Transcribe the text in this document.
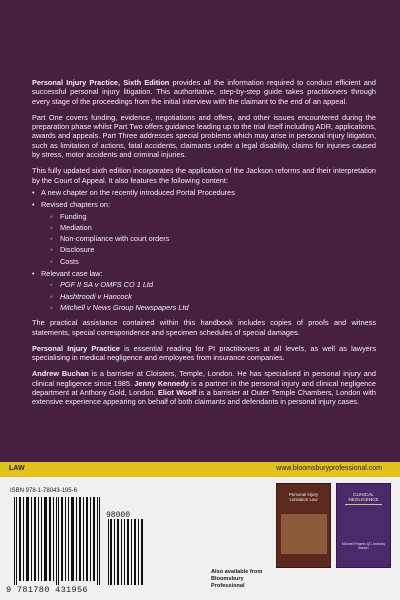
Personal Injury Practice, Sixth Edition provides all the information required to conduct efficient and successful personal injury litigation. This authoritative, step-by-step guide takes practitioners through every stage of the proceedings from the initial interview with the claimant to the end of an appeal.

Part One covers funding, evidence, negotiations and offers, and other issues encountered during the preparation phase whilst Part Two offers guidance leading up to the trial itself including ADR, applications, awards and appeals. Part Three addresses special problems which may arise in personal injury litigation, such as limitation of actions, fatal accidents, claimants under a legal disability, claims for injuries caused by stress, motor accidents and criminal injuries.

This fully updated sixth edition incorporates the application of the Jackson reforms and their interpretation by the Court of Appeal. It also features the following content:

• A new chapter on the recently introduced Portal Procedures
• Revised chapters on:
◦ Funding
◦ Mediation
◦ Non-compliance with court orders
◦ Disclosure
◦ Costs
• Relevant case law:
◦ PGF II SA v OMFS CO 1 Ltd
◦ Hashtroodi v Hancock
◦ Mitchell v News Group Newspapers Ltd

The practical assistance contained within this handbook includes copies of proofs and witness statements, special correspondence and specimen schedules of special damages.

Personal Injury Practice is essential reading for PI practitioners at all levels, as well as lawyers specialising in medical negligence and employees from insurance companies.

Andrew Buchan is a barrister at Cloisters, Temple, London. He has specialised in personal injury and clinical negligence since 1985. Jenny Kennedy is a partner in the personal injury and clinical negligence department at Anthony Gold, London. Eliot Woolf is a barrister at Outer Temple Chambers, London with extensive experience appearing on behalf of both claimants and defendants in personal injury cases.

LAW	www.bloomsburyprofessional.com
ISBN 978-1-78043-195-6
98000
9 781780 431956
Also available from
Bloomsbury Professional
Personal Injury Limitation Law
CLINICAL NEGLIGENCE
Michael Powers QC Anthony Barton
